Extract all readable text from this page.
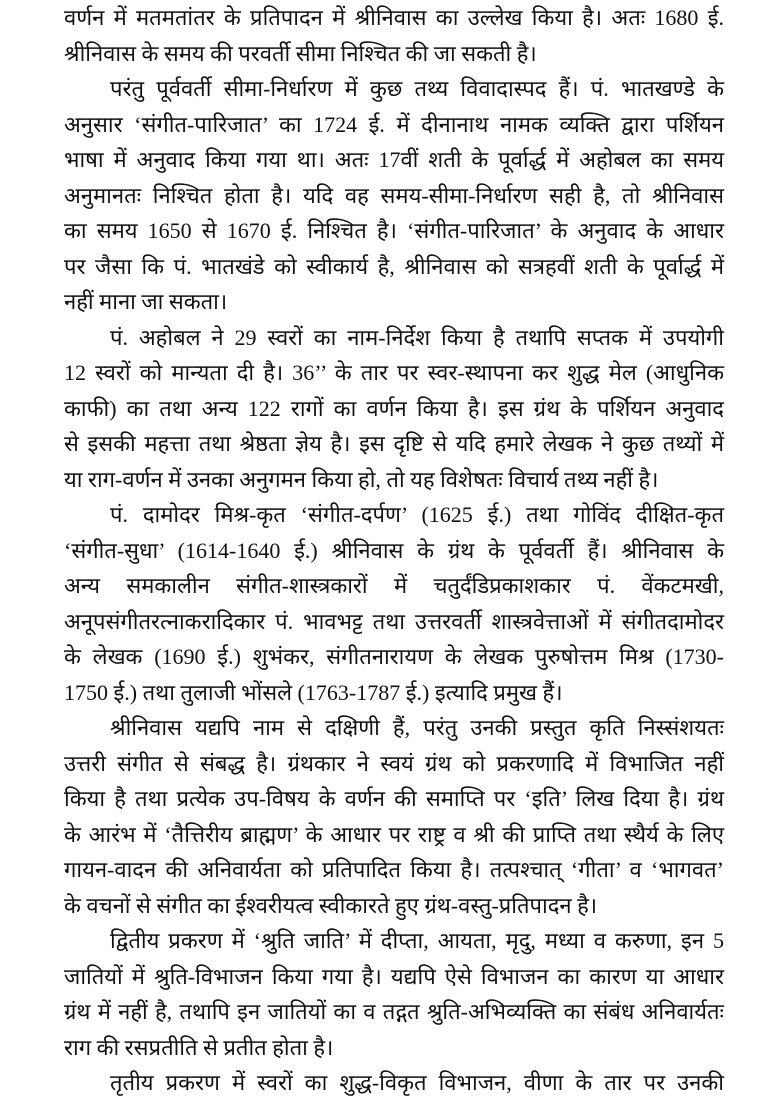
वर्णन में मतमतांतर के प्रतिपादन में श्रीनिवास का उल्लेख किया है। अतः 1680 ई.
श्रीनिवास के समय की परवर्ती सीमा निश्चित की जा सकती है।
परंतु पूर्ववर्ती सीमा-निर्धारण में कुछ तथ्य विवादास्पद हैं। पं. भातखण्डे के
अनुसार ‘संगीत-पारिजात’ का 1724 ई. में दीनानाथ नामक व्यक्ति द्वारा पर्शियन
भाषा में अनुवाद किया गया था। अतः 17वीं शती के पूर्वार्द्ध में अहोबल का समय
अनुमानतः निश्चित होता है। यदि वह समय-सीमा-निर्धारण सही है, तो श्रीनिवास
का समय 1650 से 1670 ई. निश्चित है। ‘संगीत-पारिजात’ के अनुवाद के आधार
पर जैसा कि पं. भातखंडे को स्वीकार्य है, श्रीनिवास को सत्रहवीं शती के पूर्वार्द्ध में
नहीं माना जा सकता।
पं. अहोबल ने 29 स्वरों का नाम-निर्देश किया है तथापि सप्तक में उपयोगी
12 स्वरों को मान्यता दी है। 36’’ के तार पर स्वर-स्थापना कर शुद्ध मेल (आधुनिक
काफी) का तथा अन्य 122 रागों का वर्णन किया है। इस ग्रंथ के पर्शियन अनुवाद
से इसकी महत्ता तथा श्रेष्ठता ज्ञेय है। इस दृष्टि से यदि हमारे लेखक ने कुछ तथ्यों में
या राग-वर्णन में उनका अनुगमन किया हो, तो यह विशेषतः विचार्य तथ्य नहीं है।
पं. दामोदर मिश्र-कृत ‘संगीत-दर्पण’ (1625 ई.) तथा गोविंद दीक्षित-कृत
‘संगीत-सुधा’ (1614-1640 ई.) श्रीनिवास के ग्रंथ के पूर्ववर्ती हैं। श्रीनिवास के
अन्य समकालीन संगीत-शास्त्रकारों में चतुर्दंडिप्रकाशकार पं. वेंकटमखी,
अनूपसंगीतरत्नाकरादिकार पं. भावभट्ट तथा उत्तरवर्ती शास्त्रवेत्ताओं में संगीतदामोदर
के लेखक (1690 ई.) शुभंकर, संगीतनारायण के लेखक पुरुषोत्तम मिश्र (1730-
1750 ई.) तथा तुलाजी भोंसले (1763-1787 ई.) इत्यादि प्रमुख हैं।
श्रीनिवास यद्यपि नाम से दक्षिणी हैं, परंतु उनकी प्रस्तुत कृति निस्संशयतः
उत्तरी संगीत से संबद्ध है। ग्रंथकार ने स्वयं ग्रंथ को प्रकरणादि में विभाजित नहीं
किया है तथा प्रत्येक उप-विषय के वर्णन की समाप्ति पर ‘इति’ लिख दिया है। ग्रंथ
के आरंभ में ‘तैत्तिरीय ब्राह्मण’ के आधार पर राष्ट्र व श्री की प्राप्ति तथा स्थैर्य के लिए
गायन-वादन की अनिवार्यता को प्रतिपादित किया है। तत्पश्चात् ‘गीता’ व ‘भागवत’
के वचनों से संगीत का ईश्वरीयत्व स्वीकारते हुए ग्रंथ-वस्तु-प्रतिपादन है।
द्वितीय प्रकरण में ‘श्रुति जाति’ में दीप्ता, आयता, मृदु, मध्या व करुणा, इन 5
जातियों में श्रुति-विभाजन किया गया है। यद्यपि ऐसे विभाजन का कारण या आधार
ग्रंथ में नहीं है, तथापि इन जातियों का व तद्गत श्रुति-अभिव्यक्ति का संबंध अनिवार्यतः
राग की रसप्रतीति से प्रतीत होता है।
तृतीय प्रकरण में स्वरों का शुद्ध-विकृत विभाजन, वीणा के तार पर उनकी
